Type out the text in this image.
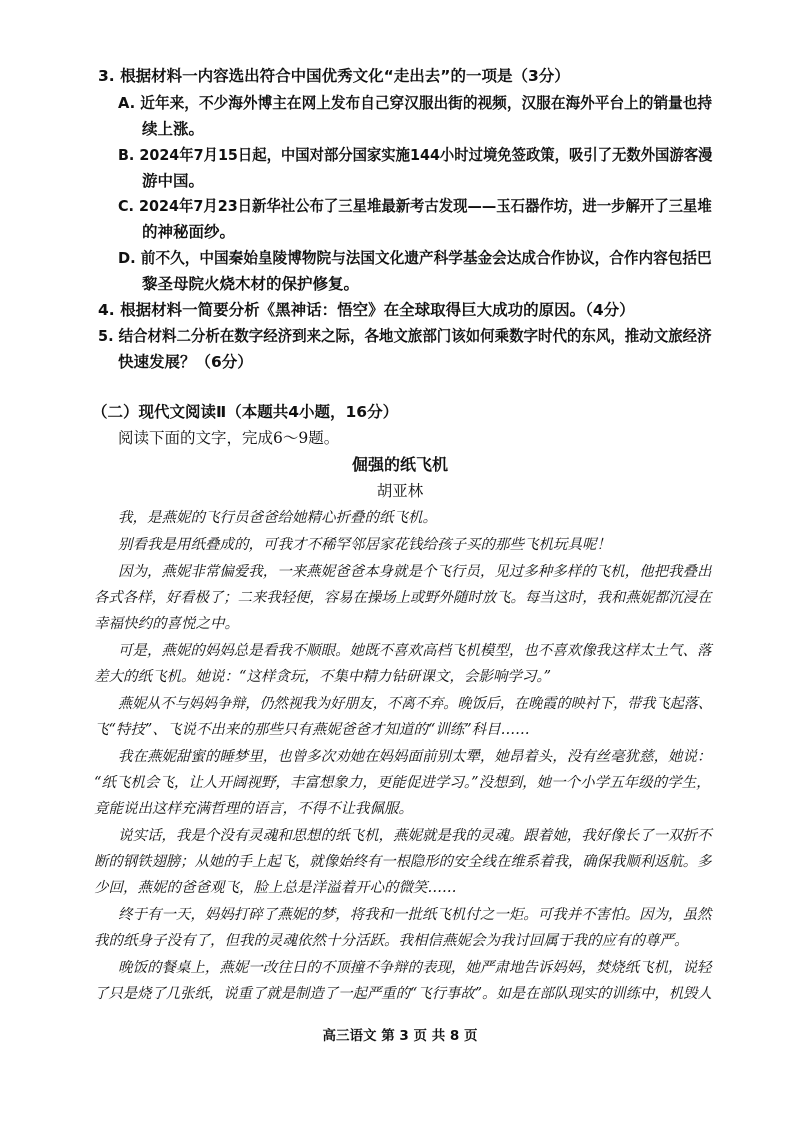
3. 根据材料一内容选出符合中国优秀文化“走出去”的一项是（3分）
A. 近年来，不少海外博主在网上发布自己穿汉服出街的视频，汉服在海外平台上的销量也持
续上涨。
B. 2024年7月15日起，中国对部分国家实施144小时过境免签政策，吸引了无数外国游客漫
游中国。
C. 2024年7月23日新华社公布了三星堆最新考古发现——玉石器作坊，进一步解开了三星堆
的神秘面纱。
D. 前不久，中国秦始皇陵博物院与法国文化遗产科学基金会达成合作协议，合作内容包括巴
黎圣母院火烧木材的保护修复。
4. 根据材料一简要分析《黑神话：悟空》在全球取得巨大成功的原因。（4分）
5. 结合材料二分析在数字经济到来之际，各地文旅部门该如何乘数字时代的东风，推动文旅经济
快速发展？（6分）
（二）现代文阅读Ⅱ（本题共4小题，16分）
阅读下面的文字，完成6～9题。
倔强的纸飞机
胡亚林
我，是燕妮的飞行员爸爸给她精心折叠的纸飞机。
别看我是用纸叠成的，可我才不稀罕邻居家花钱给孩子买的那些飞机玩具呢！
因为，燕妮非常偏爱我，一来燕妮爸爸本身就是个飞行员，见过多种多样的飞机，他把我叠出
各式各样，好看极了；二来我轻便，容易在操场上或野外随时放飞。每当这时，我和燕妮都沉浸在
幸福快约的喜悦之中。
可是，燕妮的妈妈总是看我不顺眼。她既不喜欢高档飞机模型，也不喜欢像我这样太土气、落
差大的纸飞机。她说：“这样贪玩，不集中精力钻研课文，会影响学习。”
燕妮从不与妈妈争辩，仍然视我为好朋友，不离不弃。晚饭后，在晚霞的映衬下，带我飞起落、
飞“特技”、飞说不出来的那些只有燕妮爸爸才知道的“训练”科目……
我在燕妮甜蜜的睡梦里，也曾多次劝她在妈妈面前别太犟，她昂着头，没有丝毫犹慈，她说：
“纸飞机会飞，让人开阔视野，丰富想象力，更能促进学习。”没想到，她一个小学五年级的学生，
竟能说出这样充满哲理的语言，不得不让我佩服。
说实话，我是个没有灵魂和思想的纸飞机，燕妮就是我的灵魂。跟着她，我好像长了一双折不
断的钢铁翅膀；从她的手上起飞，就像始终有一根隐形的安全线在维系着我，确保我顺利返航。多
少回，燕妮的爸爸观飞，脸上总是洋溢着开心的微笑……
终于有一天，妈妈打碎了燕妮的梦，将我和一批纸飞机付之一炬。可我并不害怕。因为，虽然
我的纸身子没有了，但我的灵魂依然十分活跃。我相信燕妮会为我讨回属于我的应有的尊严。
晚饭的餐桌上，燕妮一改往日的不顶撞不争辩的表现，她严肃地告诉妈妈，焚烧纸飞机，说轻
了只是烧了几张纸，说重了就是制造了一起严重的“飞行事故”。如是在部队现实的训练中，机毁人
高三语文 第 3 页 共 8 页
